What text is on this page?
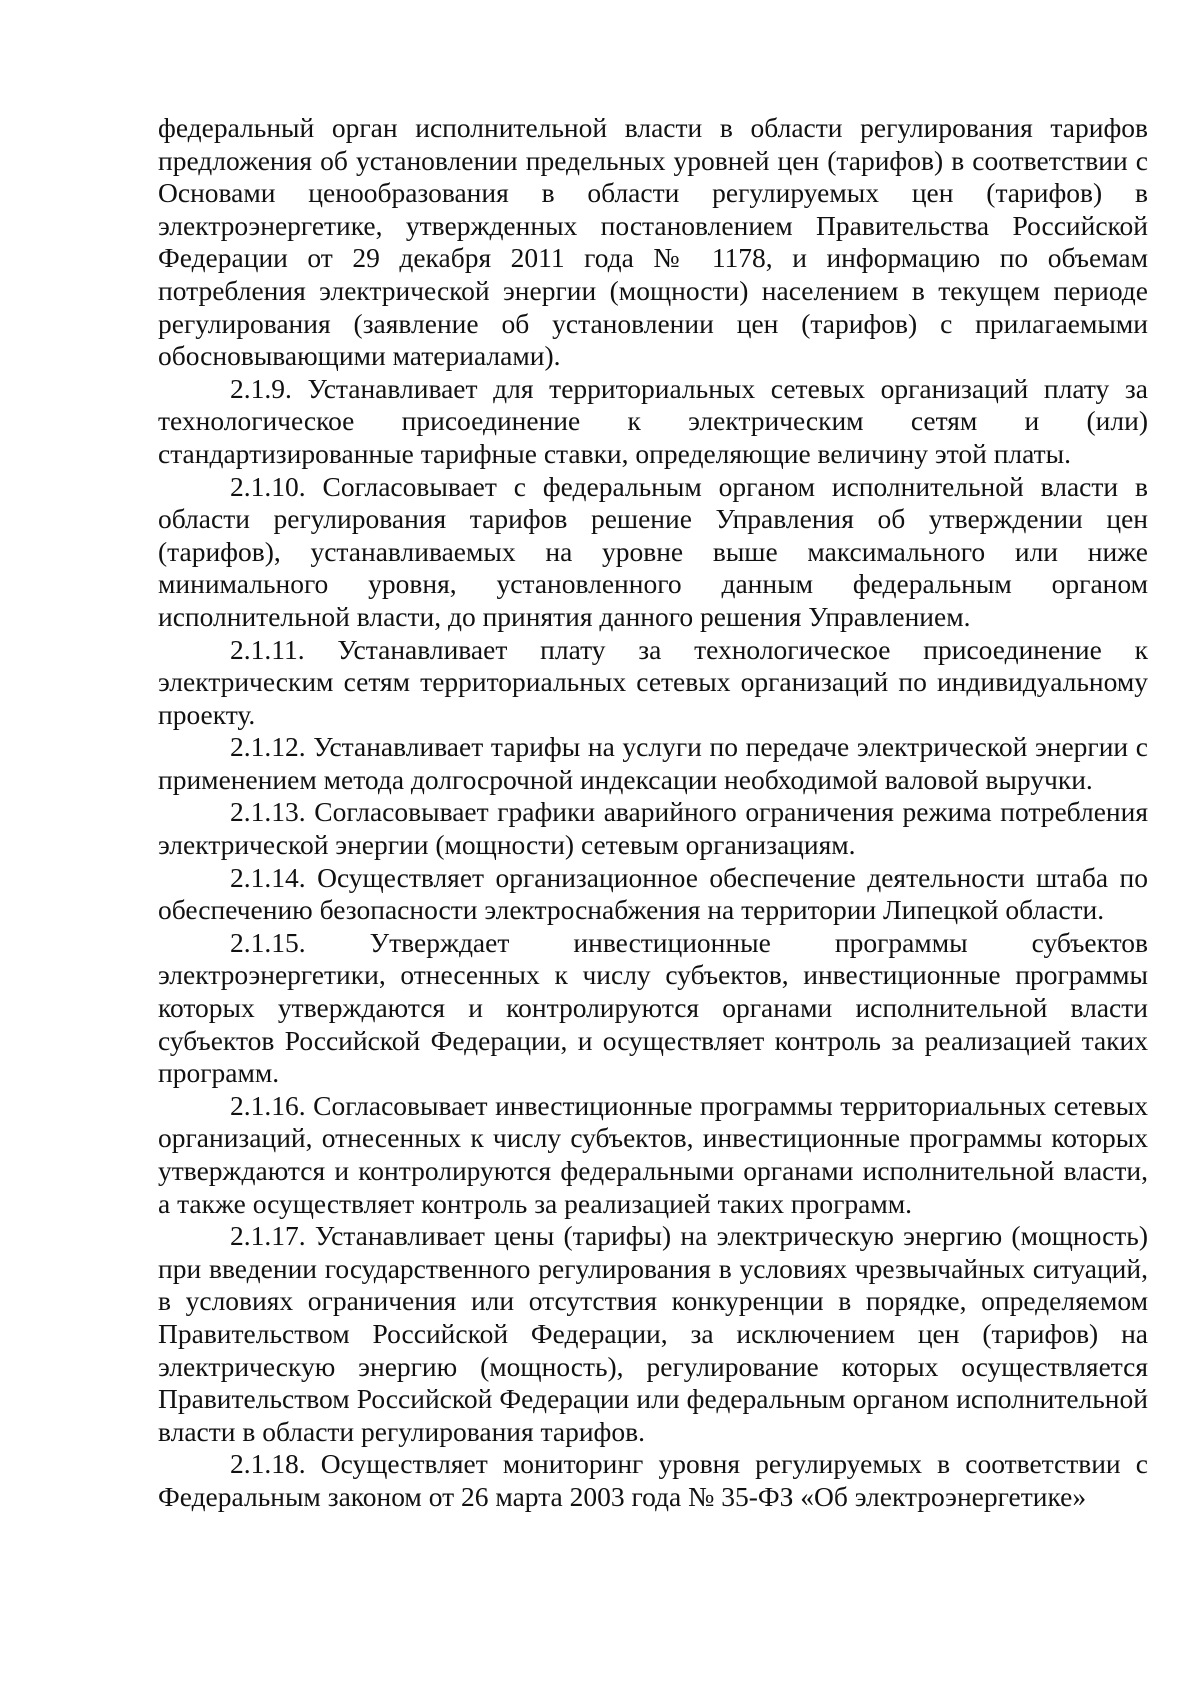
федеральный орган исполнительной власти в области регулирования тарифов предложения об установлении предельных уровней цен (тарифов) в соответствии с Основами ценообразования в области регулируемых цен (тарифов) в электроэнергетике, утвержденных постановлением Правительства Российской Федерации от 29 декабря 2011 года № 1178, и информацию по объемам потребления электрической энергии (мощности) населением в текущем периоде регулирования (заявление об установлении цен (тарифов) с прилагаемыми обосновывающими материалами).

2.1.9. Устанавливает для территориальных сетевых организаций плату за технологическое присоединение к электрическим сетям и (или) стандартизированные тарифные ставки, определяющие величину этой платы.

2.1.10. Согласовывает с федеральным органом исполнительной власти в области регулирования тарифов решение Управления об утверждении цен (тарифов), устанавливаемых на уровне выше максимального или ниже минимального уровня, установленного данным федеральным органом исполнительной власти, до принятия данного решения Управлением.

2.1.11. Устанавливает плату за технологическое присоединение к электрическим сетям территориальных сетевых организаций по индивидуальному проекту.

2.1.12. Устанавливает тарифы на услуги по передаче электрической энергии с применением метода долгосрочной индексации необходимой валовой выручки.

2.1.13. Согласовывает графики аварийного ограничения режима потребления электрической энергии (мощности) сетевым организациям.

2.1.14. Осуществляет организационное обеспечение деятельности штаба по обеспечению безопасности электроснабжения на территории Липецкой области.

2.1.15. Утверждает инвестиционные программы субъектов электроэнергетики, отнесенных к числу субъектов, инвестиционные программы которых утверждаются и контролируются органами исполнительной власти субъектов Российской Федерации, и осуществляет контроль за реализацией таких программ.

2.1.16. Согласовывает инвестиционные программы территориальных сетевых организаций, отнесенных к числу субъектов, инвестиционные программы которых утверждаются и контролируются федеральными органами исполнительной власти, а также осуществляет контроль за реализацией таких программ.

2.1.17. Устанавливает цены (тарифы) на электрическую энергию (мощность) при введении государственного регулирования в условиях чрезвычайных ситуаций, в условиях ограничения или отсутствия конкуренции в порядке, определяемом Правительством Российской Федерации, за исключением цен (тарифов) на электрическую энергию (мощность), регулирование которых осуществляется Правительством Российской Федерации или федеральным органом исполнительной власти в области регулирования тарифов.

2.1.18. Осуществляет мониторинг уровня регулируемых в соответствии с Федеральным законом от 26 марта 2003 года № 35-ФЗ «Об электроэнергетике»
